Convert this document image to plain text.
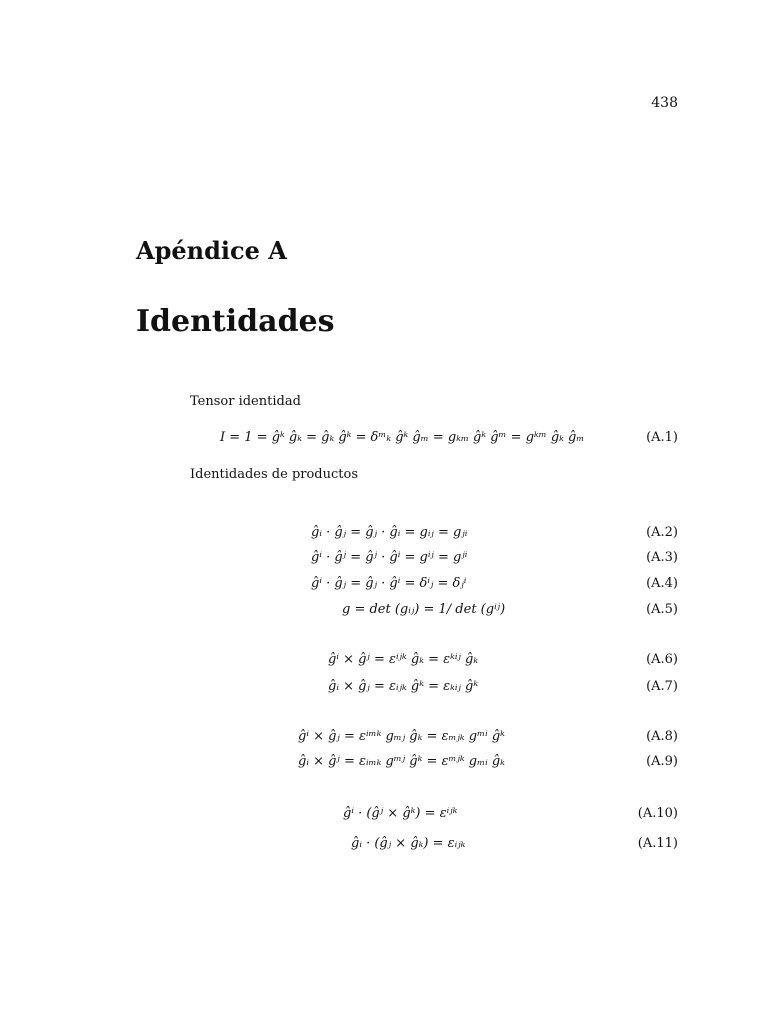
438
Apéndice A
Identidades
Tensor identidad
I = 1 = ĝᵏ ĝₖ = ĝₖ ĝᵏ = δᵐₖ ĝᵏ ĝₘ = gₖₘ ĝᵏ ĝᵐ = gᵏᵐ ĝₖ ĝₘ	(A.1)
Identidades de productos
ĝᵢ · ĝⱼ = ĝⱼ · ĝᵢ = gᵢⱼ = gⱼᵢ	(A.2)
ĝⁱ · ĝʲ = ĝʲ · ĝⁱ = gⁱʲ = gʲⁱ	(A.3)
ĝⁱ · ĝⱼ = ĝⱼ · ĝⁱ = δⁱⱼ = δⱼⁱ	(A.4)
g = det (gᵢⱼ) = 1/ det (gⁱʲ)	(A.5)
ĝⁱ × ĝʲ = εⁱʲᵏ ĝₖ = εᵏⁱʲ ĝₖ	(A.6)
ĝᵢ × ĝⱼ = εᵢⱼₖ ĝᵏ = εₖᵢⱼ ĝᵏ	(A.7)
ĝⁱ × ĝⱼ = εⁱᵐᵏ gₘⱼ ĝₖ = εₘⱼₖ gᵐⁱ ĝᵏ	(A.8)
ĝᵢ × ĝʲ = εᵢₘₖ gᵐʲ ĝᵏ = εᵐʲᵏ gₘᵢ ĝₖ	(A.9)
ĝⁱ · (ĝʲ × ĝᵏ) = εⁱʲᵏ	(A.10)
ĝᵢ · (ĝⱼ × ĝₖ) = εᵢⱼₖ	(A.11)
